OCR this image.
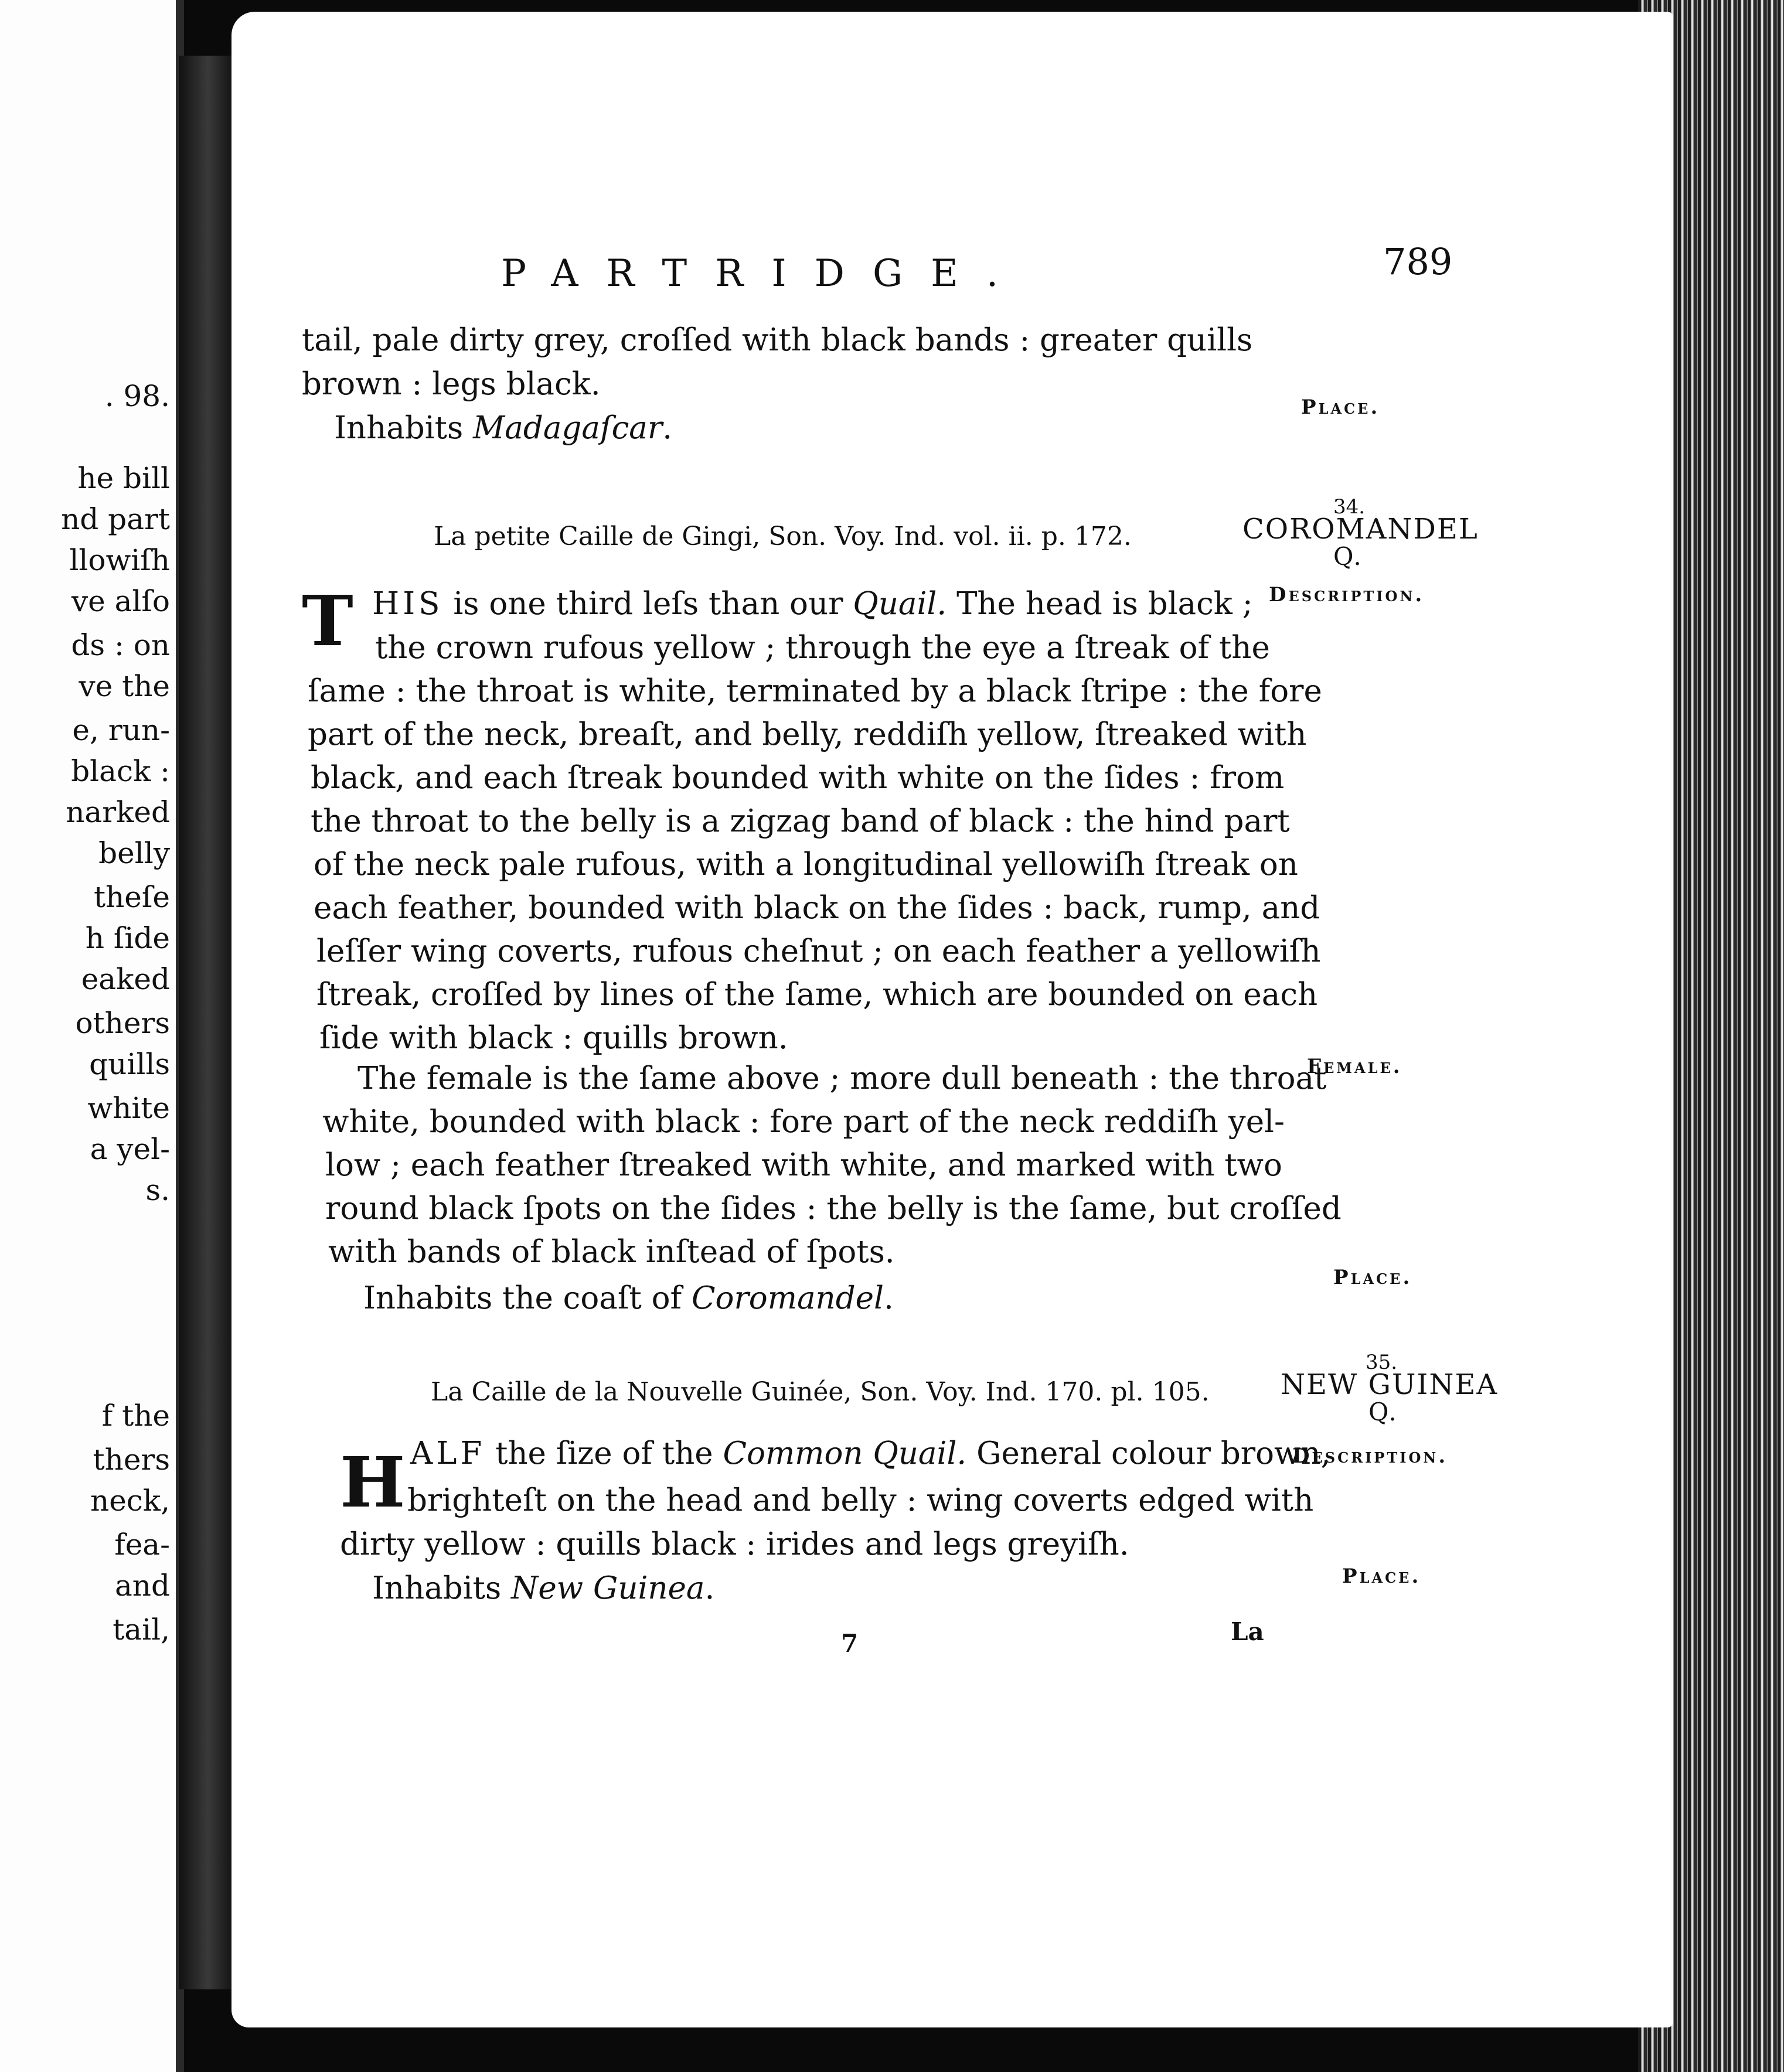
. 98.
he bill
nd part
llowiſh
ve alſo
ds : on
ve the
e, run-
black :
narked
belly
theſe
h ſide
eaked
others
quills
white
a yel-
s.
f the
thers
neck,
fea-
and
tail,
PARTRIDGE.	789
tail, pale dirty grey, croſſed with black bands : greater quills
brown : legs black.
Inhabits Madagaſcar.
Place.
34.
COROMANDEL
Q.
La petite Caille de Gingi, Son. Voy. Ind. vol. ii. p. 172.
Description.
T HIS is one third leſs than our Quail. The head is black ;
the crown rufous yellow ; through the eye a ſtreak of the
ſame : the throat is white, terminated by a black ſtripe : the fore
part of the neck, breaſt, and belly, reddiſh yellow, ſtreaked with
black, and each ſtreak bounded with white on the ſides : from
the throat to the belly is a zigzag band of black : the hind part
of the neck pale rufous, with a longitudinal yellowiſh ſtreak on
each feather, bounded with black on the ſides : back, rump, and
leſſer wing coverts, rufous cheſnut ; on each feather a yellowiſh
ſtreak, croſſed by lines of the ſame, which are bounded on each
ſide with black : quills brown.
Female.
The female is the ſame above ; more dull beneath : the throat
white, bounded with black : fore part of the neck reddiſh yel-
low ; each feather ſtreaked with white, and marked with two
round black ſpots on the ſides : the belly is the ſame, but croſſed
with bands of black inſtead of ſpots.
Inhabits the coaſt of Coromandel.
Place.
35.
NEW GUINEA
Q.
La Caille de la Nouvelle Guinée, Son. Voy. Ind. 170. pl. 105.
Description.
H ALF the ſize of the Common Quail. General colour brown,
brighteſt on the head and belly : wing coverts edged with
dirty yellow : quills black : irides and legs greyiſh.
Inhabits New Guinea.	Place.
7	La
